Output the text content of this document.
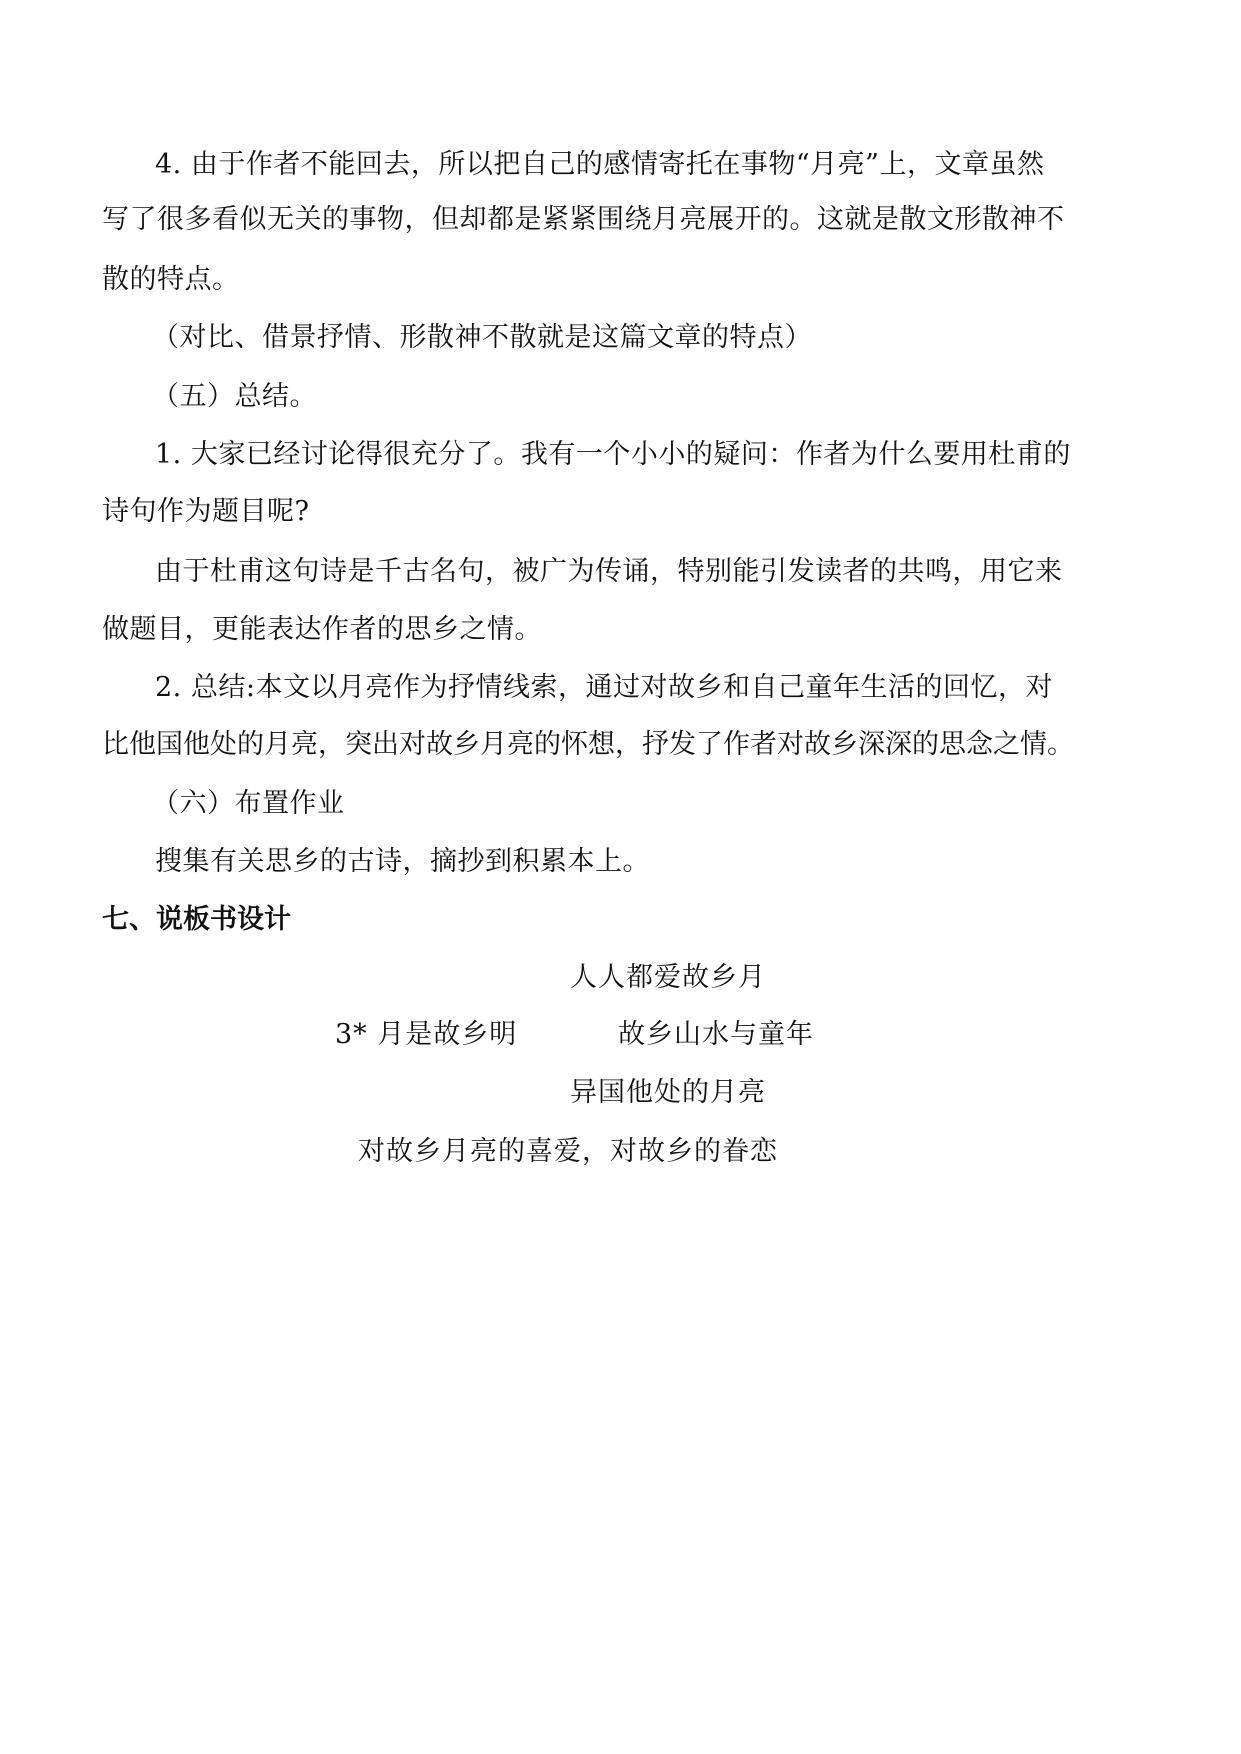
4. 由于作者不能回去，所以把自己的感情寄托在事物“月亮”上，文章虽然
写了很多看似无关的事物，但却都是紧紧围绕月亮展开的。这就是散文形散神不
散的特点。
（对比、借景抒情、形散神不散就是这篇文章的特点）
（五）总结。
1. 大家已经讨论得很充分了。我有一个小小的疑问：作者为什么要用杜甫的
诗句作为题目呢?
由于杜甫这句诗是千古名句，被广为传诵，特别能引发读者的共鸣，用它来
做题目，更能表达作者的思乡之情。
2. 总结:本文以月亮作为抒情线索，通过对故乡和自己童年生活的回忆，对
比他国他处的月亮，突出对故乡月亮的怀想，抒发了作者对故乡深深的思念之情。
（六）布置作业
搜集有关思乡的古诗，摘抄到积累本上。
七、说板书设计
人人都爱故乡月
3* 月是故乡明	故乡山水与童年
异国他处的月亮
对故乡月亮的喜爱，对故乡的眷恋
